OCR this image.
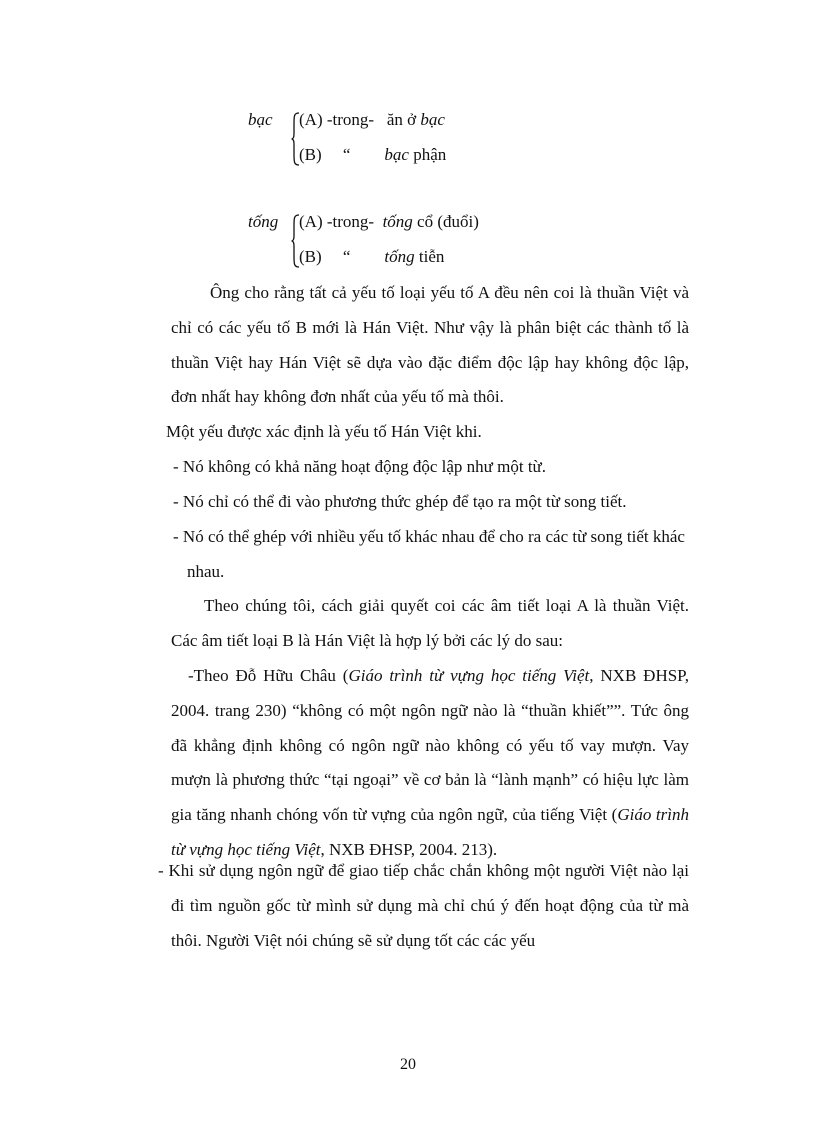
bạc (A) -trong- ăn ở bạc
(B) “ bạc phận
tống (A) -trong- tống cổ (đuổi)
(B) “ tống tiễn

Ông cho rằng tất cả yếu tố loại yếu tố A đều nên coi là thuần Việt và chỉ có các yếu tố B mới là Hán Việt. Như vậy là phân biệt các thành tố là thuần Việt hay Hán Việt sẽ dựa vào đặc điểm độc lập hay không độc lập, đơn nhất hay không đơn nhất của yếu tố mà thôi.

Một yếu được xác định là yếu tố Hán Việt khi.

- Nó không có khả năng hoạt động độc lập như một từ.

- Nó chỉ có thể đi vào phương thức ghép để tạo ra một từ song tiết.

- Nó có thể ghép với nhiều yếu tố khác nhau để cho ra các từ song tiết khác nhau.

Theo chúng tôi, cách giải quyết coi các âm tiết loại A là thuần Việt. Các âm tiết loại B là Hán Việt là hợp lý bởi các lý do sau:

-Theo Đỗ Hữu Châu (Giáo trình từ vựng học tiếng Việt, NXB ĐHSP, 2004. trang 230) “không có một ngôn ngữ nào là “thuần khiết””. Tức ông đã khẳng định không có ngôn ngữ nào không có yếu tố vay mượn. Vay mượn là phương thức “tại ngoại” về cơ bản là “lành mạnh” có hiệu lực làm gia tăng nhanh chóng vốn từ vựng của ngôn ngữ, của tiếng Việt (Giáo trình từ vựng học tiếng Việt, NXB ĐHSP, 2004. 213).

- Khi sử dụng ngôn ngữ để giao tiếp chắc chắn không một người Việt nào lại đi tìm nguồn gốc từ mình sử dụng mà chỉ chú ý đến hoạt động của từ mà thôi. Người Việt nói chúng sẽ sử dụng tốt các các yếu

20
